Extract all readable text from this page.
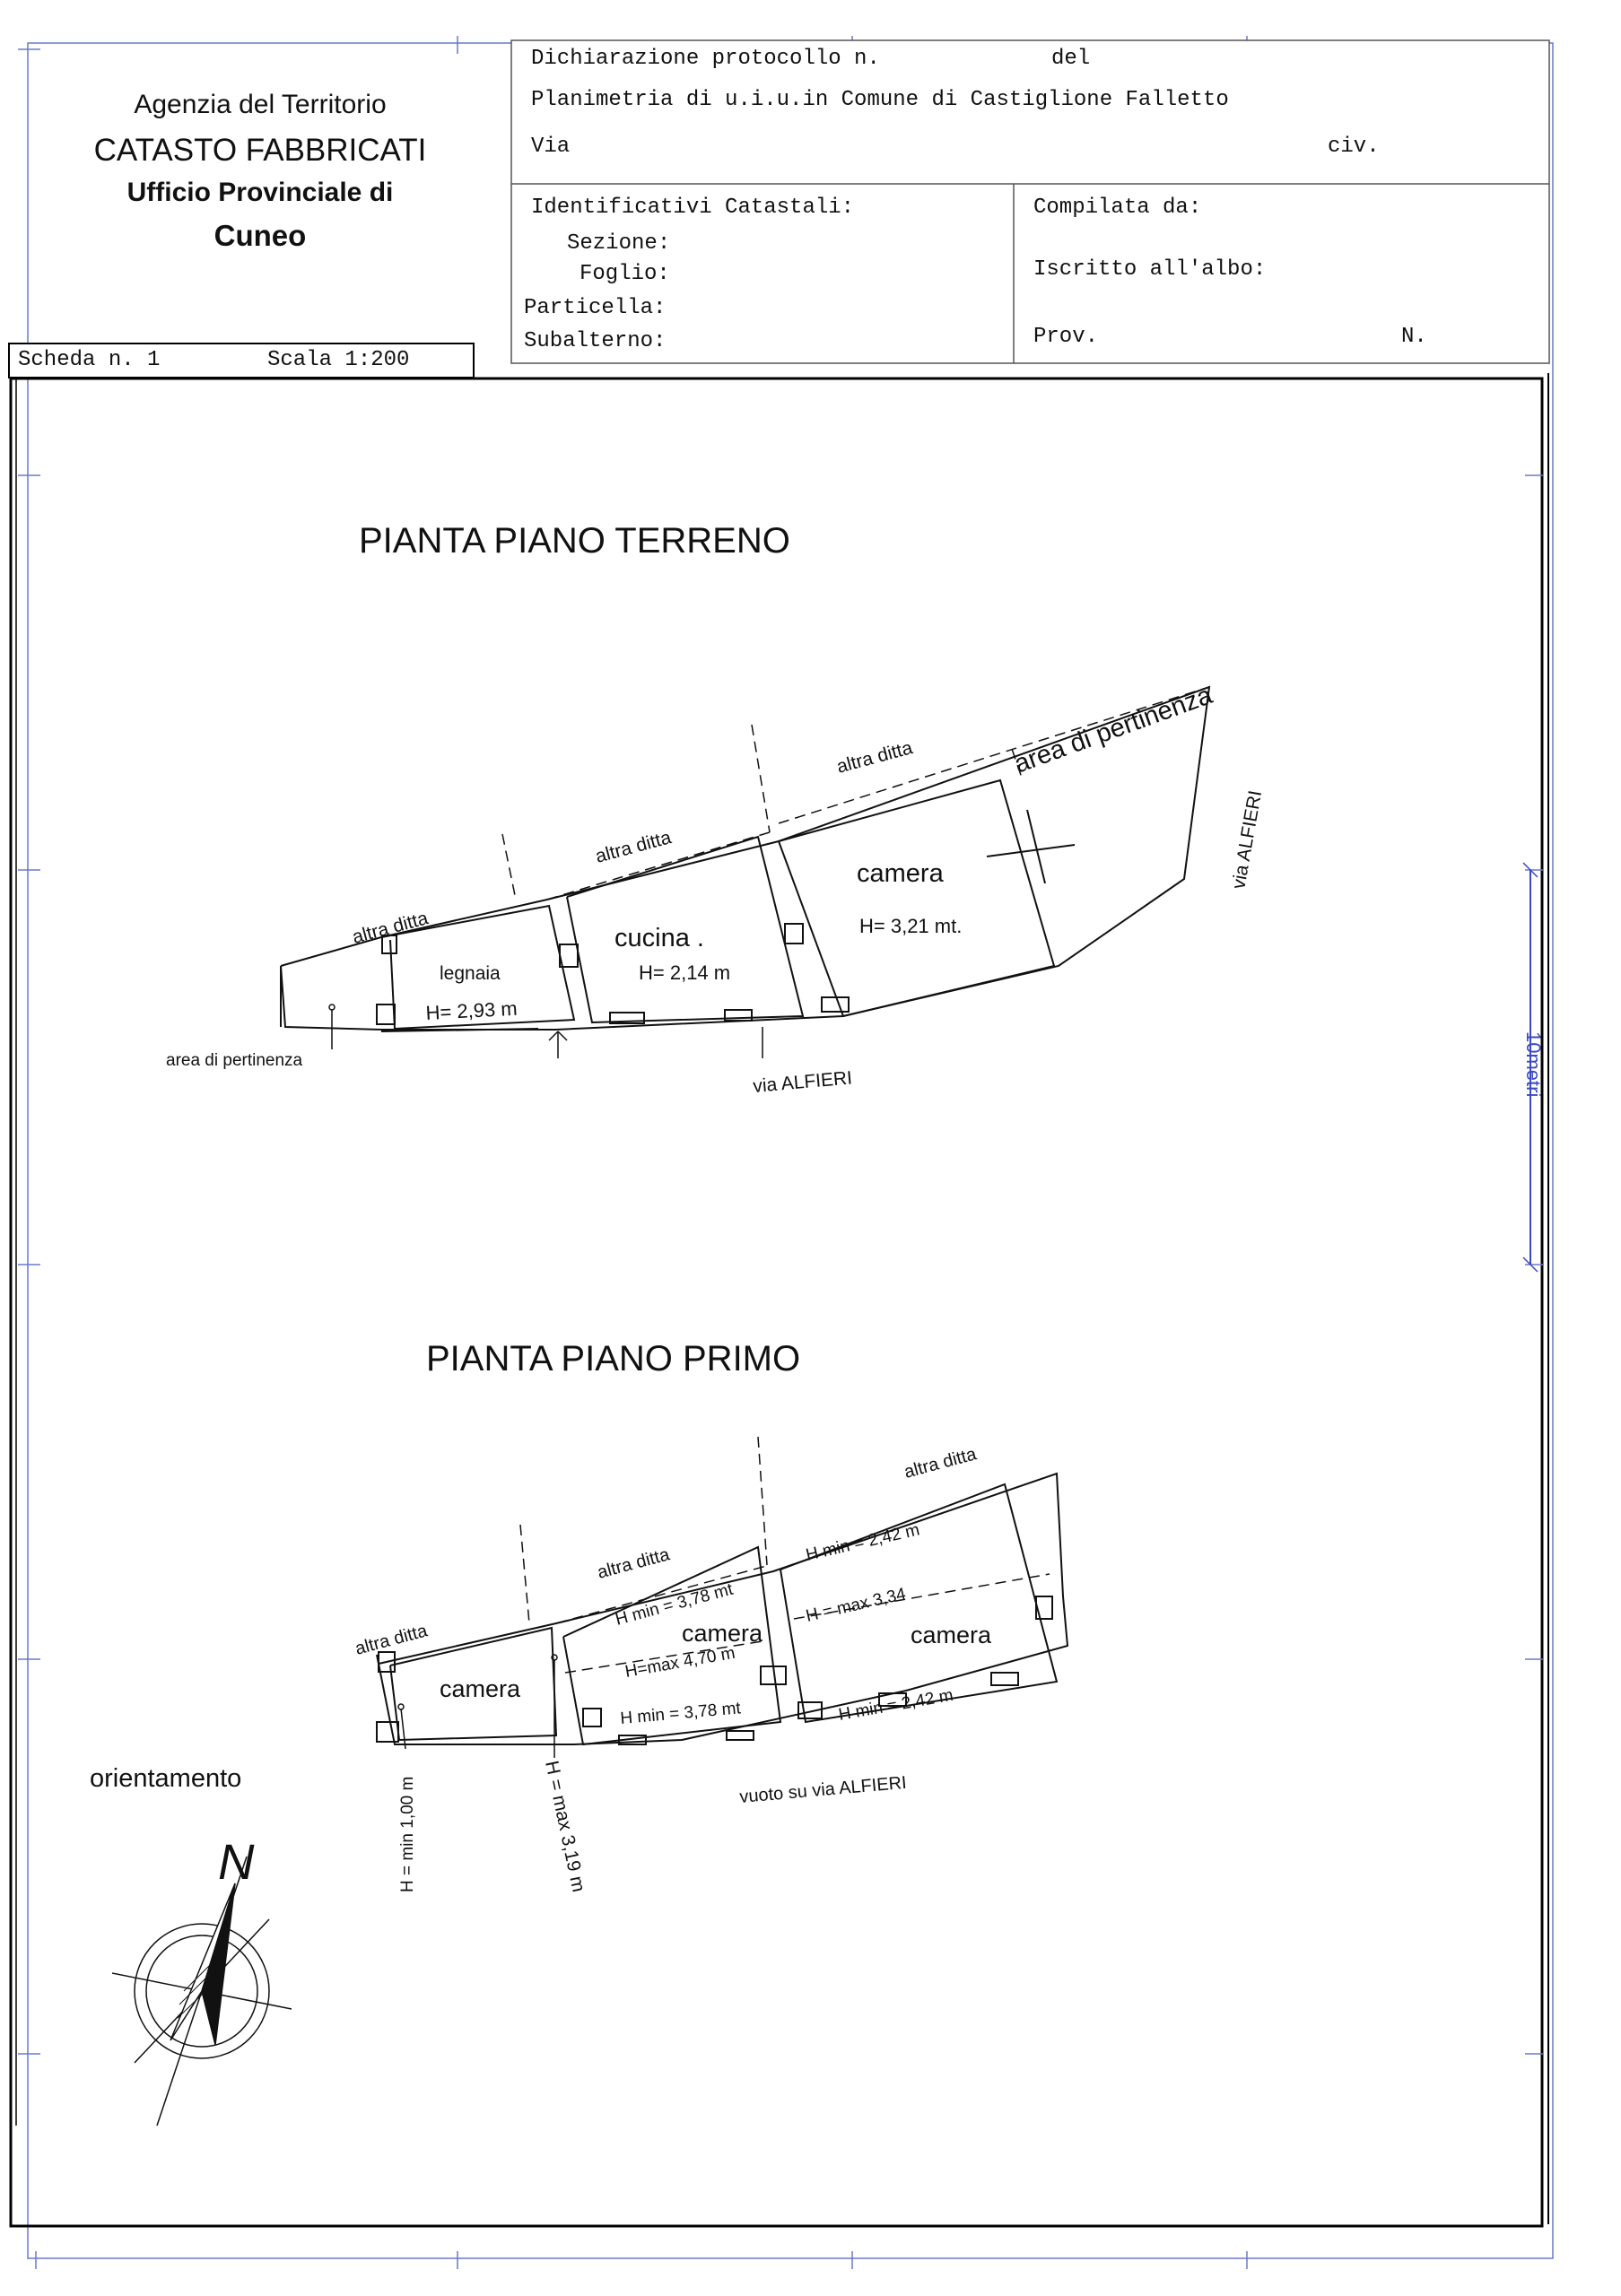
Agenzia del Territorio
CATASTO FABBRICATI
Ufficio Provinciale di
Cuneo
Scheda n. 1	Scala 1:200
Dichiarazione protocollo n.	del
Planimetria di u.i.u.in Comune di Castiglione Falletto
Via	civ.
Identificativi Catastali:
Sezione:
Foglio:
Particella:
Subalterno:
Compilata da:
Iscritto all'albo:
Prov.	N.
10metri
PIANTA PIANO TERRENO
altra ditta
altra ditta
altra ditta	area di pertinenza
via ALFIERI
camera
H= 3,21 mt.
cucina .
H= 2,14 m
legnaia
H= 2,93 m
area di pertinenza
via ALFIERI
PIANTA PIANO PRIMO
altra ditta
altra ditta
altra ditta
H min = 2,42 m
H = max 3,34
camera
H min = 2,42 m
H min = 3,78 mt
camera
H=max 4,70 m
H min = 3,78 mt
camera
H = min 1,00 m	H = max 3,19 m	vuoto su via ALFIERI
orientamento
N
